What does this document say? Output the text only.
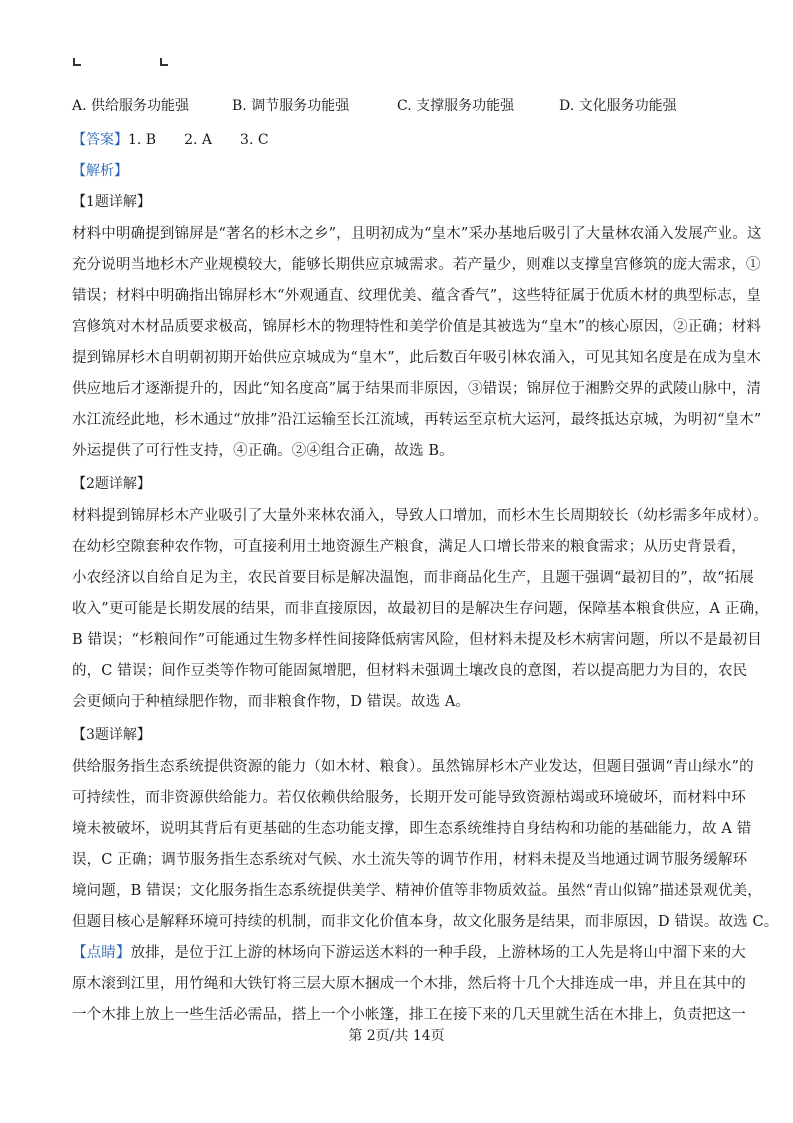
A. 供给服务功能强	B. 调节服务功能强	C. 支撑服务功能强	D. 文化服务功能强
【答案】1. B 2. A 3. C
【解析】
【1题详解】
材料中明确提到锦屏是“著名的杉木之乡”，且明初成为“皇木”采办基地后吸引了大量林农涌入发展产业。这
充分说明当地杉木产业规模较大，能够长期供应京城需求。若产量少，则难以支撑皇宫修筑的庞大需求，①
错误；材料中明确指出锦屏杉木“外观通直、纹理优美、蕴含香气”，这些特征属于优质木材的典型标志，皇
宫修筑对木材品质要求极高，锦屏杉木的物理特性和美学价值是其被选为“皇木”的核心原因，②正确；材料
提到锦屏杉木自明朝初期开始供应京城成为“皇木”，此后数百年吸引林农涌入，可见其知名度是在成为皇木
供应地后才逐渐提升的，因此“知名度高”属于结果而非原因，③错误；锦屏位于湘黔交界的武陵山脉中，清
水江流经此地，杉木通过“放排”沿江运输至长江流域，再转运至京杭大运河，最终抵达京城，为明初“皇木”
外运提供了可行性支持，④正确。②④组合正确，故选 B。
【2题详解】
材料提到锦屏杉木产业吸引了大量外来林农涌入，导致人口增加，而杉木生长周期较长（幼杉需多年成材）。
在幼杉空隙套种农作物，可直接利用土地资源生产粮食，满足人口增长带来的粮食需求；从历史背景看，
小农经济以自给自足为主，农民首要目标是解决温饱，而非商品化生产，且题干强调“最初目的”，故“拓展
收入”更可能是长期发展的结果，而非直接原因，故最初目的是解决生存问题，保障基本粮食供应，A 正确，
B 错误；“杉粮间作”可能通过生物多样性间接降低病害风险，但材料未提及杉木病害问题，所以不是最初目
的，C 错误；间作豆类等作物可能固氮增肥，但材料未强调土壤改良的意图，若以提高肥力为目的，农民
会更倾向于种植绿肥作物，而非粮食作物，D 错误。故选 A。
【3题详解】
供给服务指生态系统提供资源的能力（如木材、粮食）。虽然锦屏杉木产业发达，但题目强调“青山绿水”的
可持续性，而非资源供给能力。若仅依赖供给服务，长期开发可能导致资源枯竭或环境破坏，而材料中环
境未被破坏，说明其背后有更基础的生态功能支撑，即生态系统维持自身结构和功能的基础能力，故 A 错
误，C 正确；调节服务指生态系统对气候、水土流失等的调节作用，材料未提及当地通过调节服务缓解环
境问题，B 错误；文化服务指生态系统提供美学、精神价值等非物质效益。虽然“青山似锦”描述景观优美，
但题目核心是解释环境可持续的机制，而非文化价值本身，故文化服务是结果，而非原因，D 错误。故选 C。
【点睛】放排，是位于江上游的林场向下游运送木料的一种手段，上游林场的工人先是将山中溜下来的大
原木滚到江里，用竹绳和大铁钉将三层大原木捆成一个木排，然后将十几个大排连成一串，并且在其中的
一个木排上放上一些生活必需品，搭上一个小帐篷，排工在接下来的几天里就生活在木排上，负责把这一
第 2页/共 14页
